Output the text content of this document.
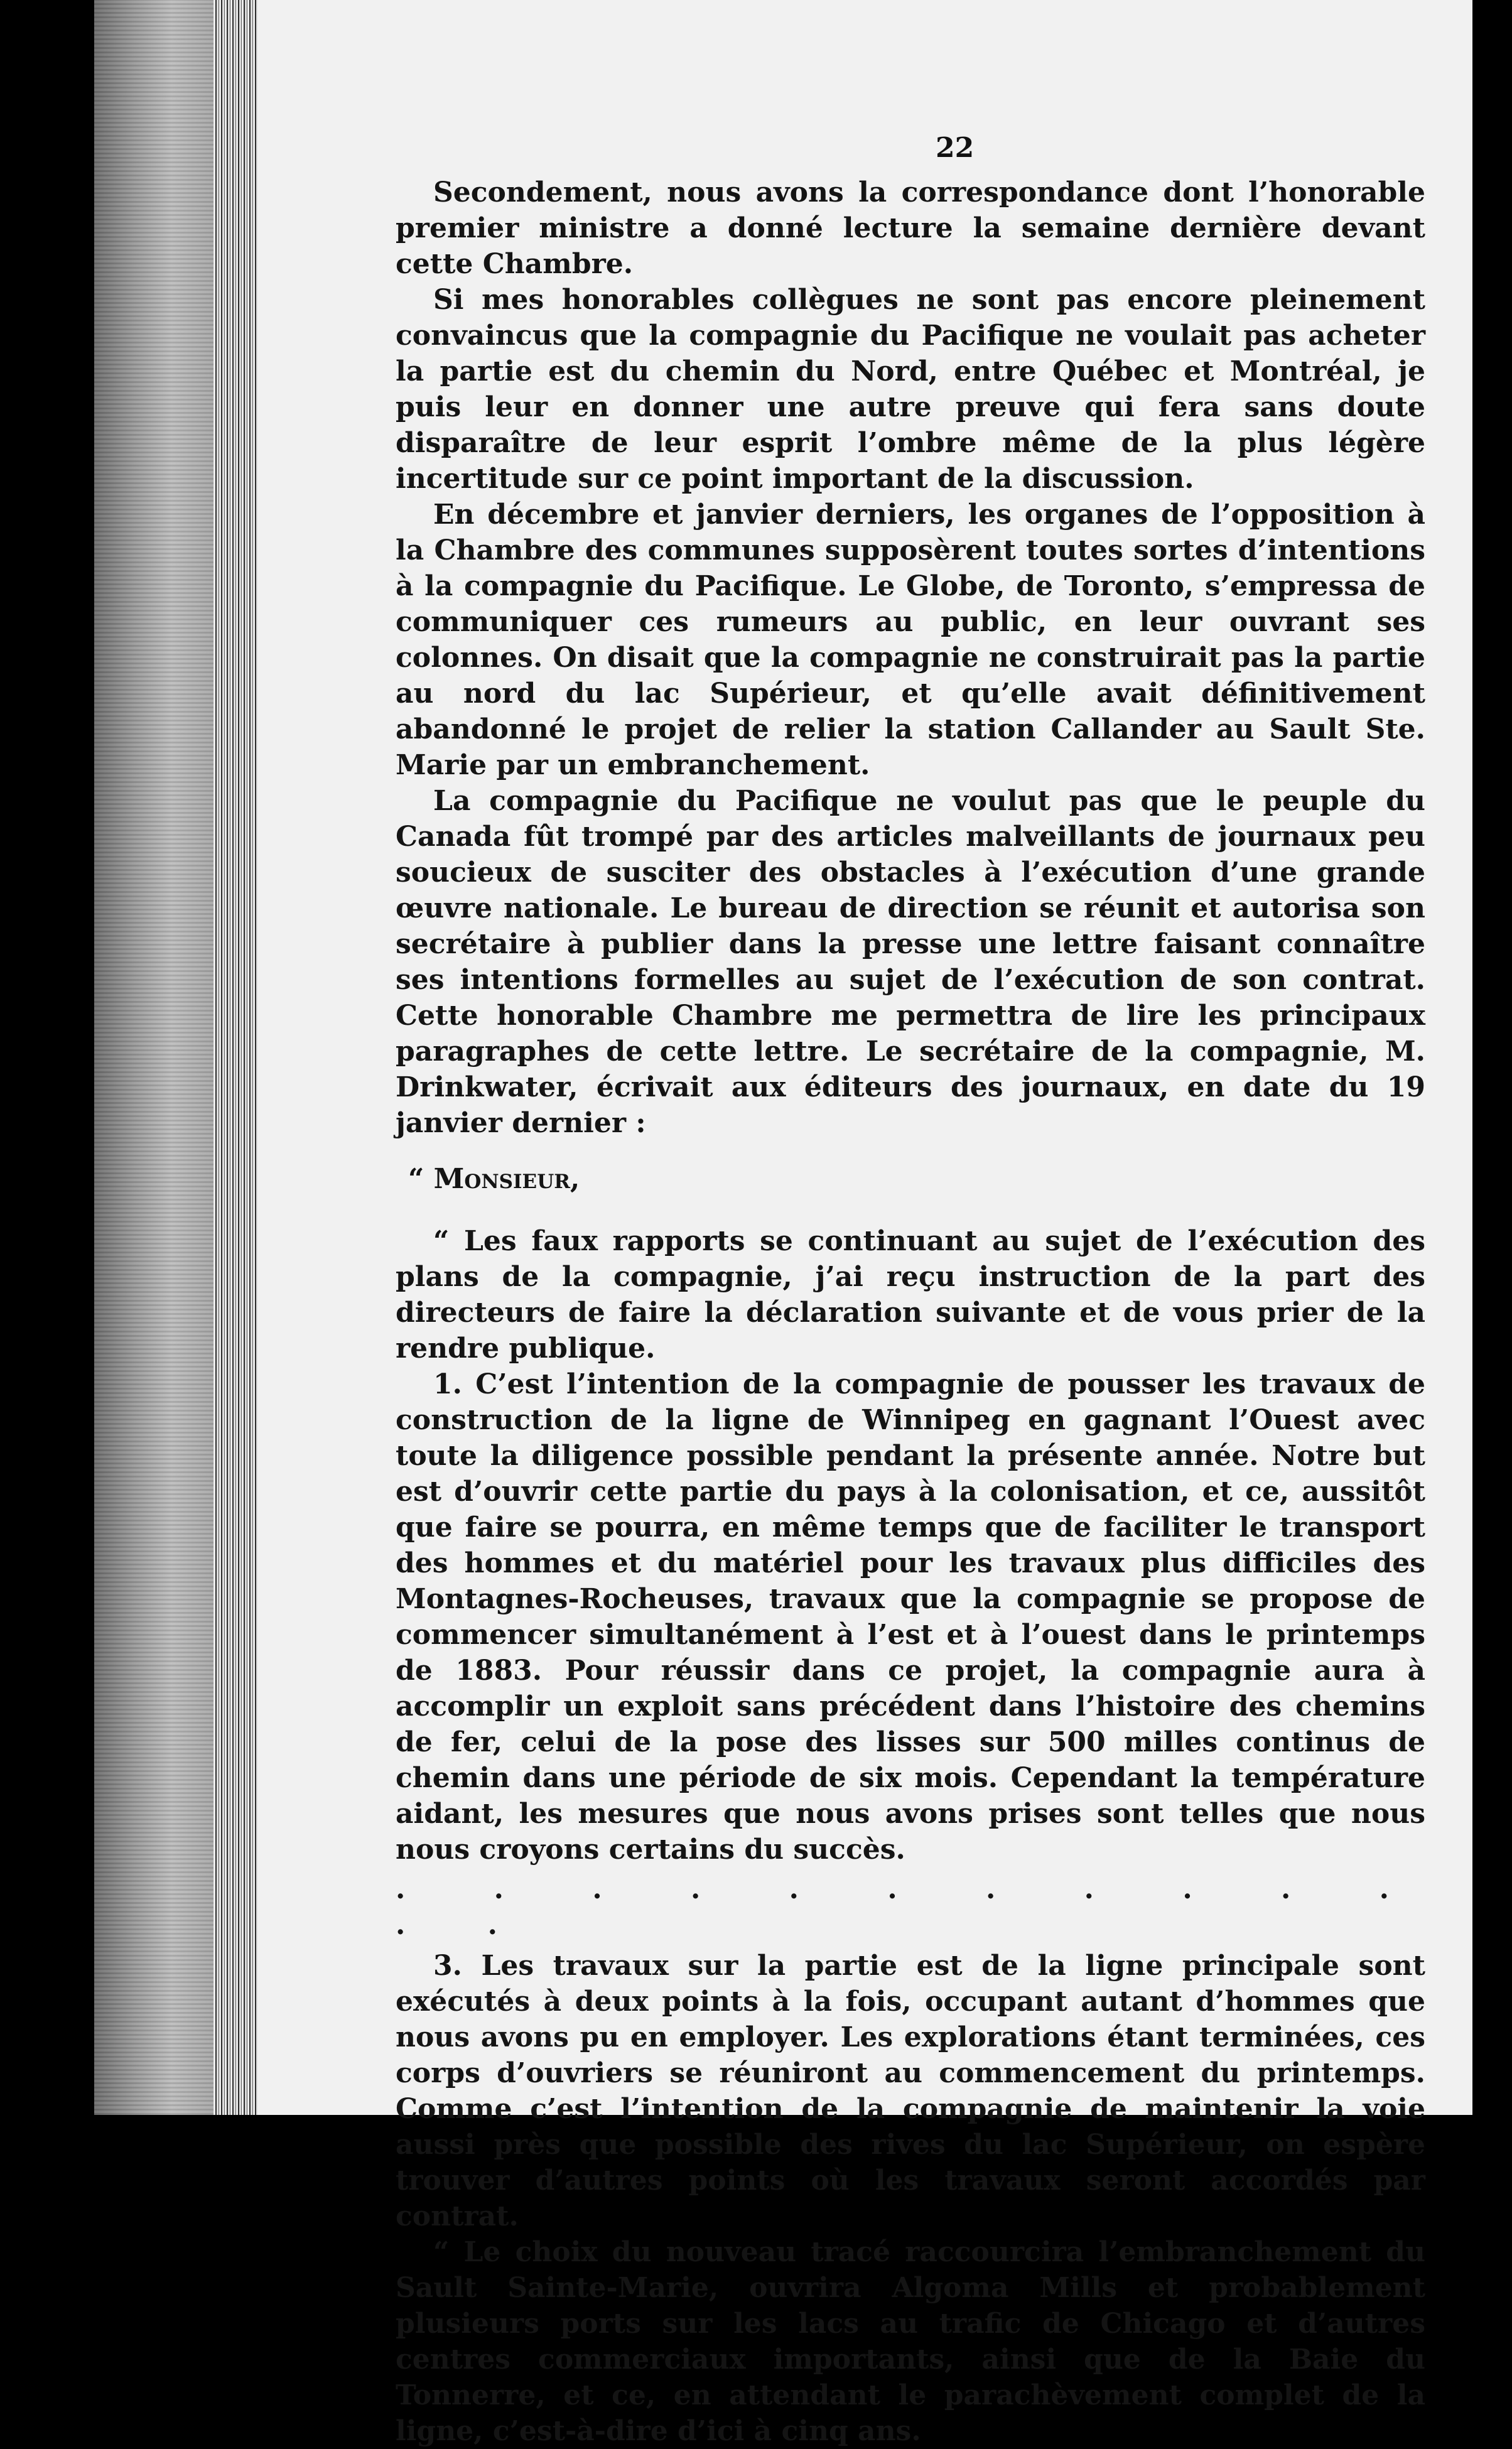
22

Secondement, nous avons la correspondance dont l’honorable premier ministre a donné lecture la semaine dernière devant cette Chambre.

Si mes honorables collègues ne sont pas encore pleinement convaincus que la compagnie du Pacifique ne voulait pas acheter la partie est du chemin du Nord, entre Québec et Montréal, je puis leur en donner une autre preuve qui fera sans doute disparaître de leur esprit l’ombre même de la plus légère incertitude sur ce point important de la discussion.

En décembre et janvier derniers, les organes de l’opposition à la Chambre des communes supposèrent toutes sortes d’intentions à la compagnie du Pacifique. Le Globe, de Toronto, s’empressa de communiquer ces rumeurs au public, en leur ouvrant ses colonnes. On disait que la compagnie ne construirait pas la partie au nord du lac Supérieur, et qu’elle avait définitivement abandonné le projet de relier la station Callander au Sault Ste. Marie par un embranchement.

La compagnie du Pacifique ne voulut pas que le peuple du Canada fût trompé par des articles malveillants de journaux peu soucieux de susciter des obstacles à l’exécution d’une grande œuvre nationale. Le bureau de direction se réunit et autorisa son secrétaire à publier dans la presse une lettre faisant connaître ses intentions formelles au sujet de l’exécution de son contrat. Cette honorable Chambre me permettra de lire les principaux paragraphes de cette lettre. Le secrétaire de la compagnie, M. Drinkwater, écrivait aux éditeurs des journaux, en date du 19 janvier dernier :

“ Monsieur,

“ Les faux rapports se continuant au sujet de l’exécution des plans de la compagnie, j’ai reçu instruction de la part des directeurs de faire la déclaration suivante et de vous prier de la rendre publique.

1. C’est l’intention de la compagnie de pousser les travaux de construction de la ligne de Winnipeg en gagnant l’Ouest avec toute la diligence possible pendant la présente année. Notre but est d’ouvrir cette partie du pays à la colonisation, et ce, aussitôt que faire se pourra, en même temps que de faciliter le transport des hommes et du matériel pour les travaux plus difficiles des Montagnes-Rocheuses, travaux que la compagnie se propose de commencer simultanément à l’est et à l’ouest dans le printemps de 1883. Pour réussir dans ce projet, la compagnie aura à accomplir un exploit sans précédent dans l’histoire des chemins de fer, celui de la pose des lisses sur 500 milles continus de chemin dans une période de six mois. Cependant la température aidant, les mesures que nous avons prises sont telles que nous nous croyons certains du succès.

. . . . . . . . . . . . .

3. Les travaux sur la partie est de la ligne principale sont exécutés à deux points à la fois, occupant autant d’hommes que nous avons pu en employer. Les explorations étant terminées, ces corps d’ouvriers se réuniront au commencement du printemps. Comme c’est l’intention de la compagnie de maintenir la voie aussi près que possible des rives du lac Supérieur, on espère trouver d’autres points où les travaux seront accordés par contrat.

“ Le choix du nouveau tracé raccourcira l’embranchement du Sault Sainte-Marie, ouvrira Algoma Mills et probablement plusieurs ports sur les lacs au trafic de Chicago et d’autres centres commerciaux importants, ainsi que de la Baie du Tonnerre, et ce, en attendant le parachèvement complet de la ligne, c’est-à-dire d’ici à cinq ans.
